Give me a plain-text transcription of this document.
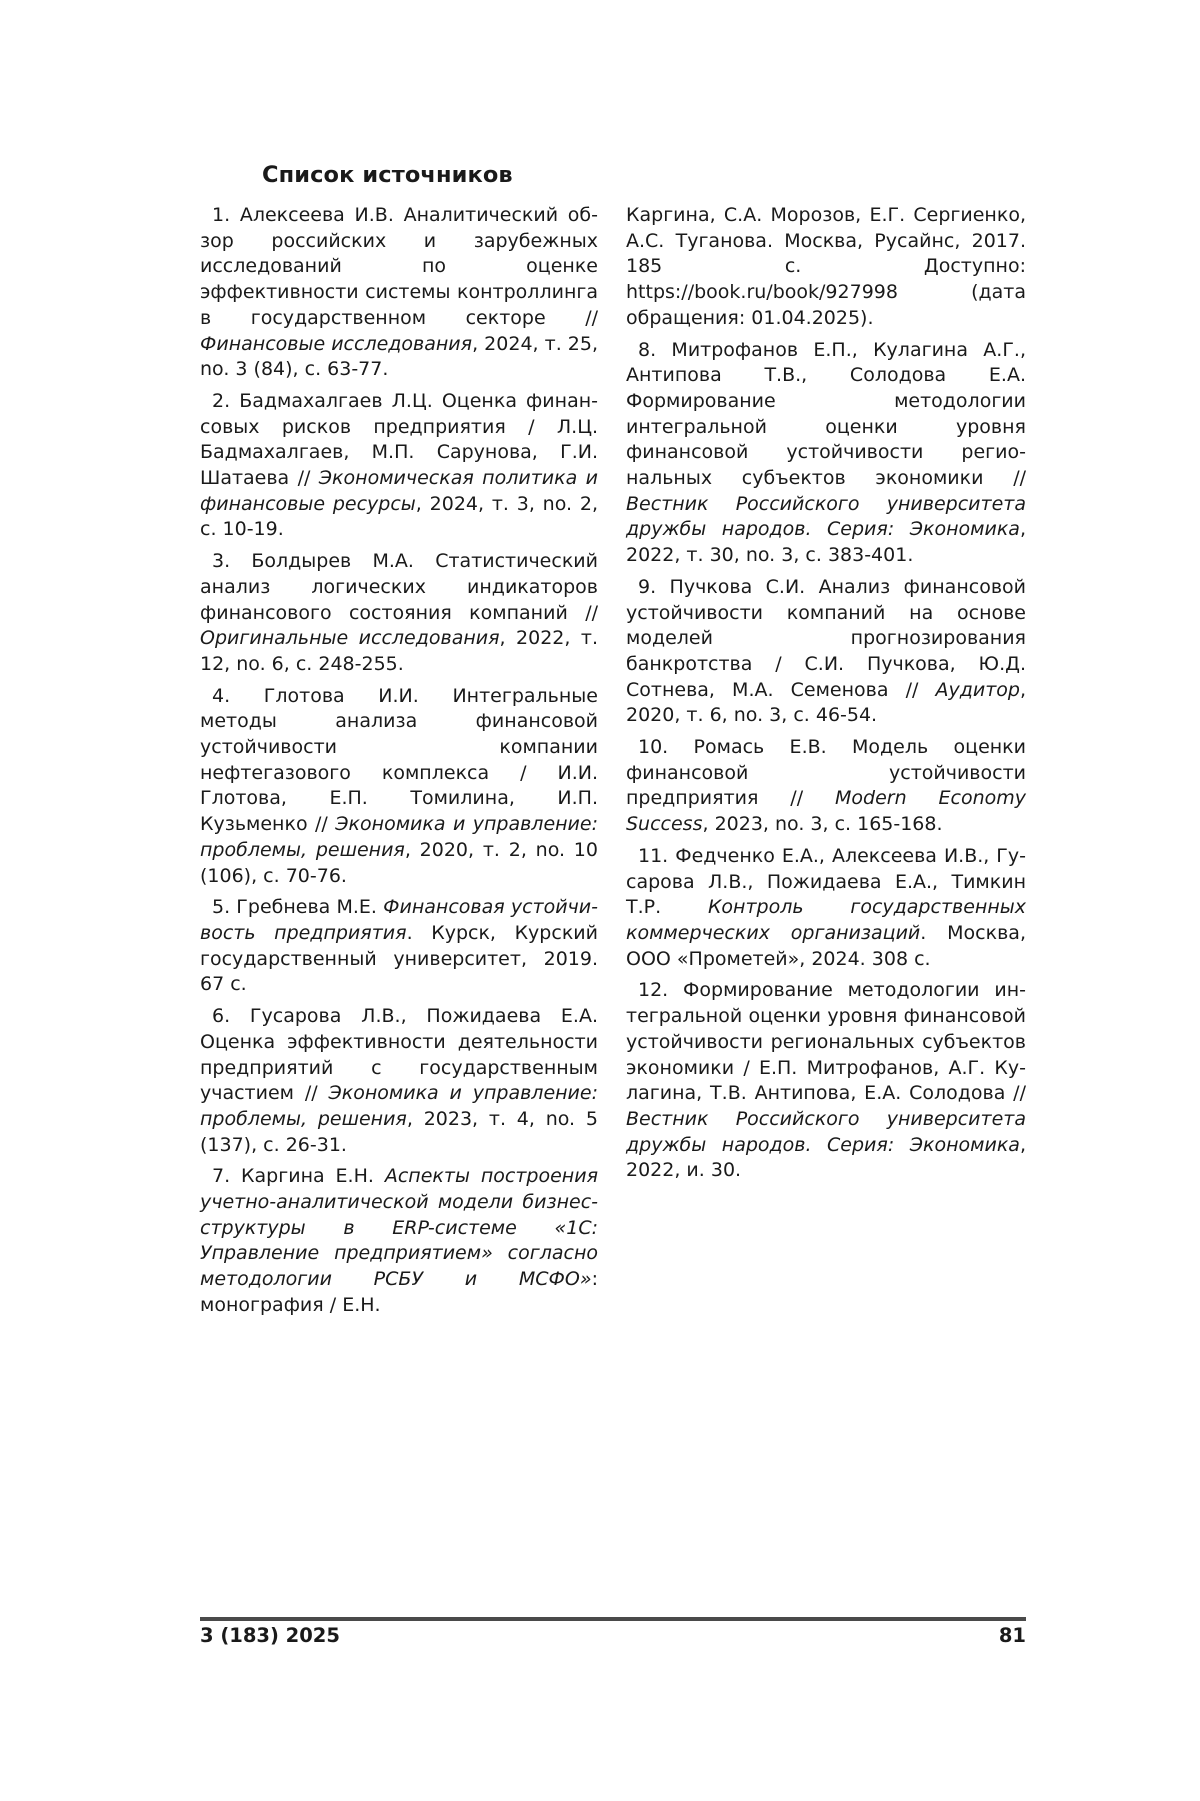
Список источников

1. Алексеева И.В. Аналитический об­зор российских и зарубежных исследо­ваний по оценке эффективности систе­мы контроллинга в государственном секторе // Финансовые исследования, 2024, т. 25, no. 3 (84), с. 63-77.

2. Бадмахалгаев Л.Ц. Оценка финан­совых рисков предприятия / Л.Ц. Бадма­халгаев, М.П. Сарунова, Г.И. Шатаева // Экономическая политика и финансовые ресурсы, 2024, т. 3, no. 2, с. 10-19.

3. Болдырев М.А. Статистический ана­лиз логических индикаторов финансово­го состояния компаний // Оригинальные исследования, 2022, т. 12, no. 6, с. 248-255.

4. Глотова И.И. Интегральные методы анализа финансовой устойчивости ком­пании нефтегазового комплекса / И.И. Глотова, Е.П. Томилина, И.П. Кузьменко // Экономика и управление: проблемы, решения, 2020, т. 2, no. 10 (106), с. 70-76.

5. Гребнева М.Е. Финансовая устойчи­вость предприятия. Курск, Курский госу­дарственный университет, 2019. 67 с.

6. Гусарова Л.В., Пожидаева Е.А. Оцен­ка эффективности деятельности пред­приятий с государственным участием // Экономика и управление: проблемы, решения, 2023, т. 4, no. 5 (137), с. 26-31.

7. Каргина Е.Н. Аспекты построения учетно-аналитической модели бизнес­структуры в ERP-системе «1С: Управле­ние предприятием» согласно методоло­гии РСБУ и МСФО»: монография / Е.Н.

Каргина, С.А. Морозов, Е.Г. Сергиенко, А.С. Туганова. Москва, Русайнс, 2017. 185 с. Доступно: https://book.ru/book/927998 (дата обращения: 01.04.2025).

8. Митрофанов Е.П., Кулагина А.Г., Ан­типова Т.В., Солодова Е.А. Формирова­ние методологии интегральной оценки уровня финансовой устойчивости регио­нальных субъектов экономики // Вестник Российского университета дружбы наро­дов. Серия: Экономика, 2022, т. 30, no. 3, с. 383-401.

9. Пучкова С.И. Анализ финансовой устойчивости компаний на основе моде­лей прогнозирования банкротства / С.И. Пучкова, Ю.Д. Сотнева, М.А. Семенова // Аудитор, 2020, т. 6, no. 3, с. 46-54.

10. Ромась Е.В. Модель оценки финан­совой устойчивости предприятия // Mo­dern Economy Success, 2023, no. 3, с. 165-168.

11. Федченко Е.А., Алексеева И.В., Гу­сарова Л.В., Пожидаева Е.А., Тимкин Т.Р. Контроль государственных коммерче­ских организаций. Москва, ООО «Проме­тей», 2024. 308 с.

12. Формирование методологии ин­тегральной оценки уровня финансовой устойчивости региональных субъектов экономики / Е.П. Митрофанов, А.Г. Ку­лагина, Т.В. Антипова, Е.А. Солодова // Вестник Российского университета дружбы народов. Серия: Экономика, 2022, и. 30.

3 (183) 2025	81
